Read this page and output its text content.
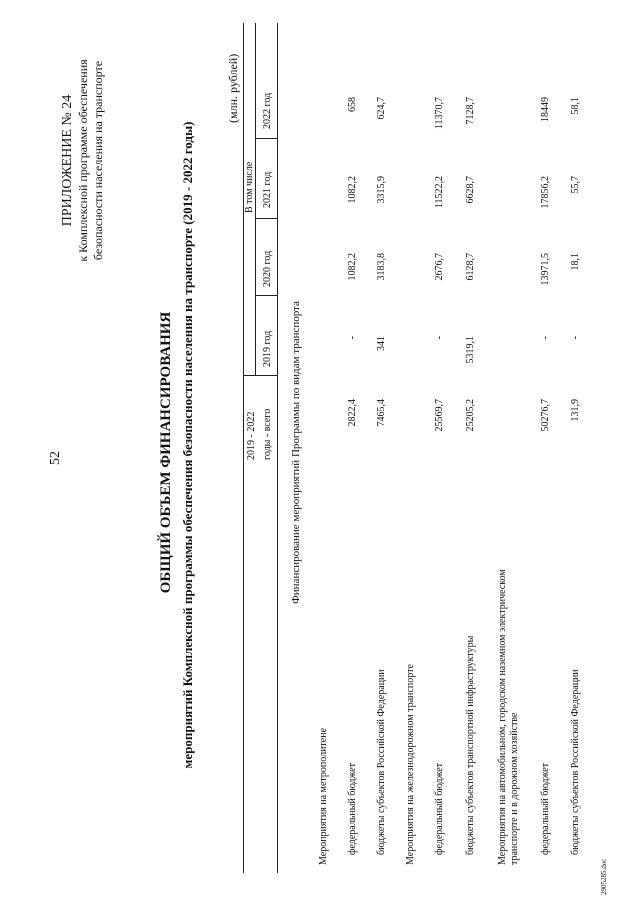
52
ПРИЛОЖЕНИЕ № 24 к Комплексной программе обеспечения безопасности населения на транспорте
ОБЩИЙ ОБЪЕМ ФИНАНСИРОВАНИЯ мероприятий Комплексной программы обеспечения безопасности населения на транспорте (2019 - 2022 годы)
(млн. рублей)
2019 - 2022 годы - всего
В том числе
2019 год
2020 год
2021 год
2022 год
Финансирование мероприятий Программы по видам транспорта
Мероприятия на метрополитене федеральный бюджет
2822,4
-
1082,2
1082,2
658
бюджеты субъектов Российской Федерации
7465,4
341
3183,8
3315,9
624,7
Мероприятия на железнодорожном транспорте федеральный бюджет
25569,7
-
2676,7
11522,2
11370,7
бюджеты субъектов транспортной инфраструктуры
25205,2
5319,1
6128,7
6628,7
7128,7
Мероприятия на автомобильном, городском наземном электрическом транспорте и в дорожном хозяйстве федеральный бюджет
50276,7
-
13971,5
17856,2
18449
бюджеты субъектов Российской Федерации
131,9
-
18,1
55,7
58,1
2905285.doc
